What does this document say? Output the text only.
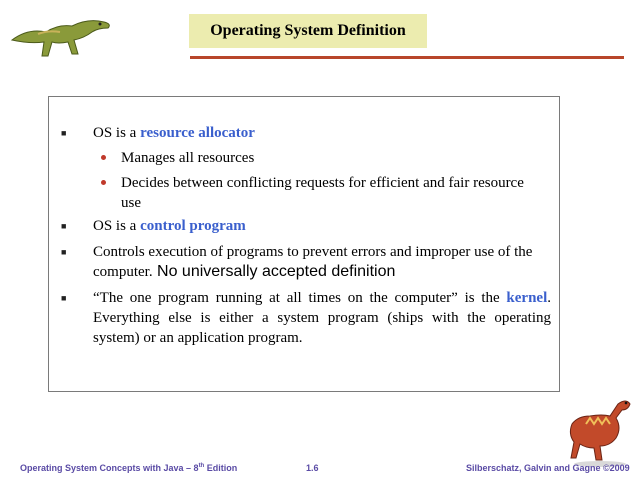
Operating System Definition
■	OS is a resource allocator
Manages all resources
Decides between conflicting requests for efficient and fair resource use
■	OS is a control program
■	Controls execution of programs to prevent errors and improper use of the computer. No universally accepted definition
■	“The one program running at all times on the computer” is the kernel. Everything else is either a system program (ships with the operating system) or an application program.
Operating System Concepts with Java – 8th Edition	1.6	Silberschatz, Galvin and Gagne ©2009
